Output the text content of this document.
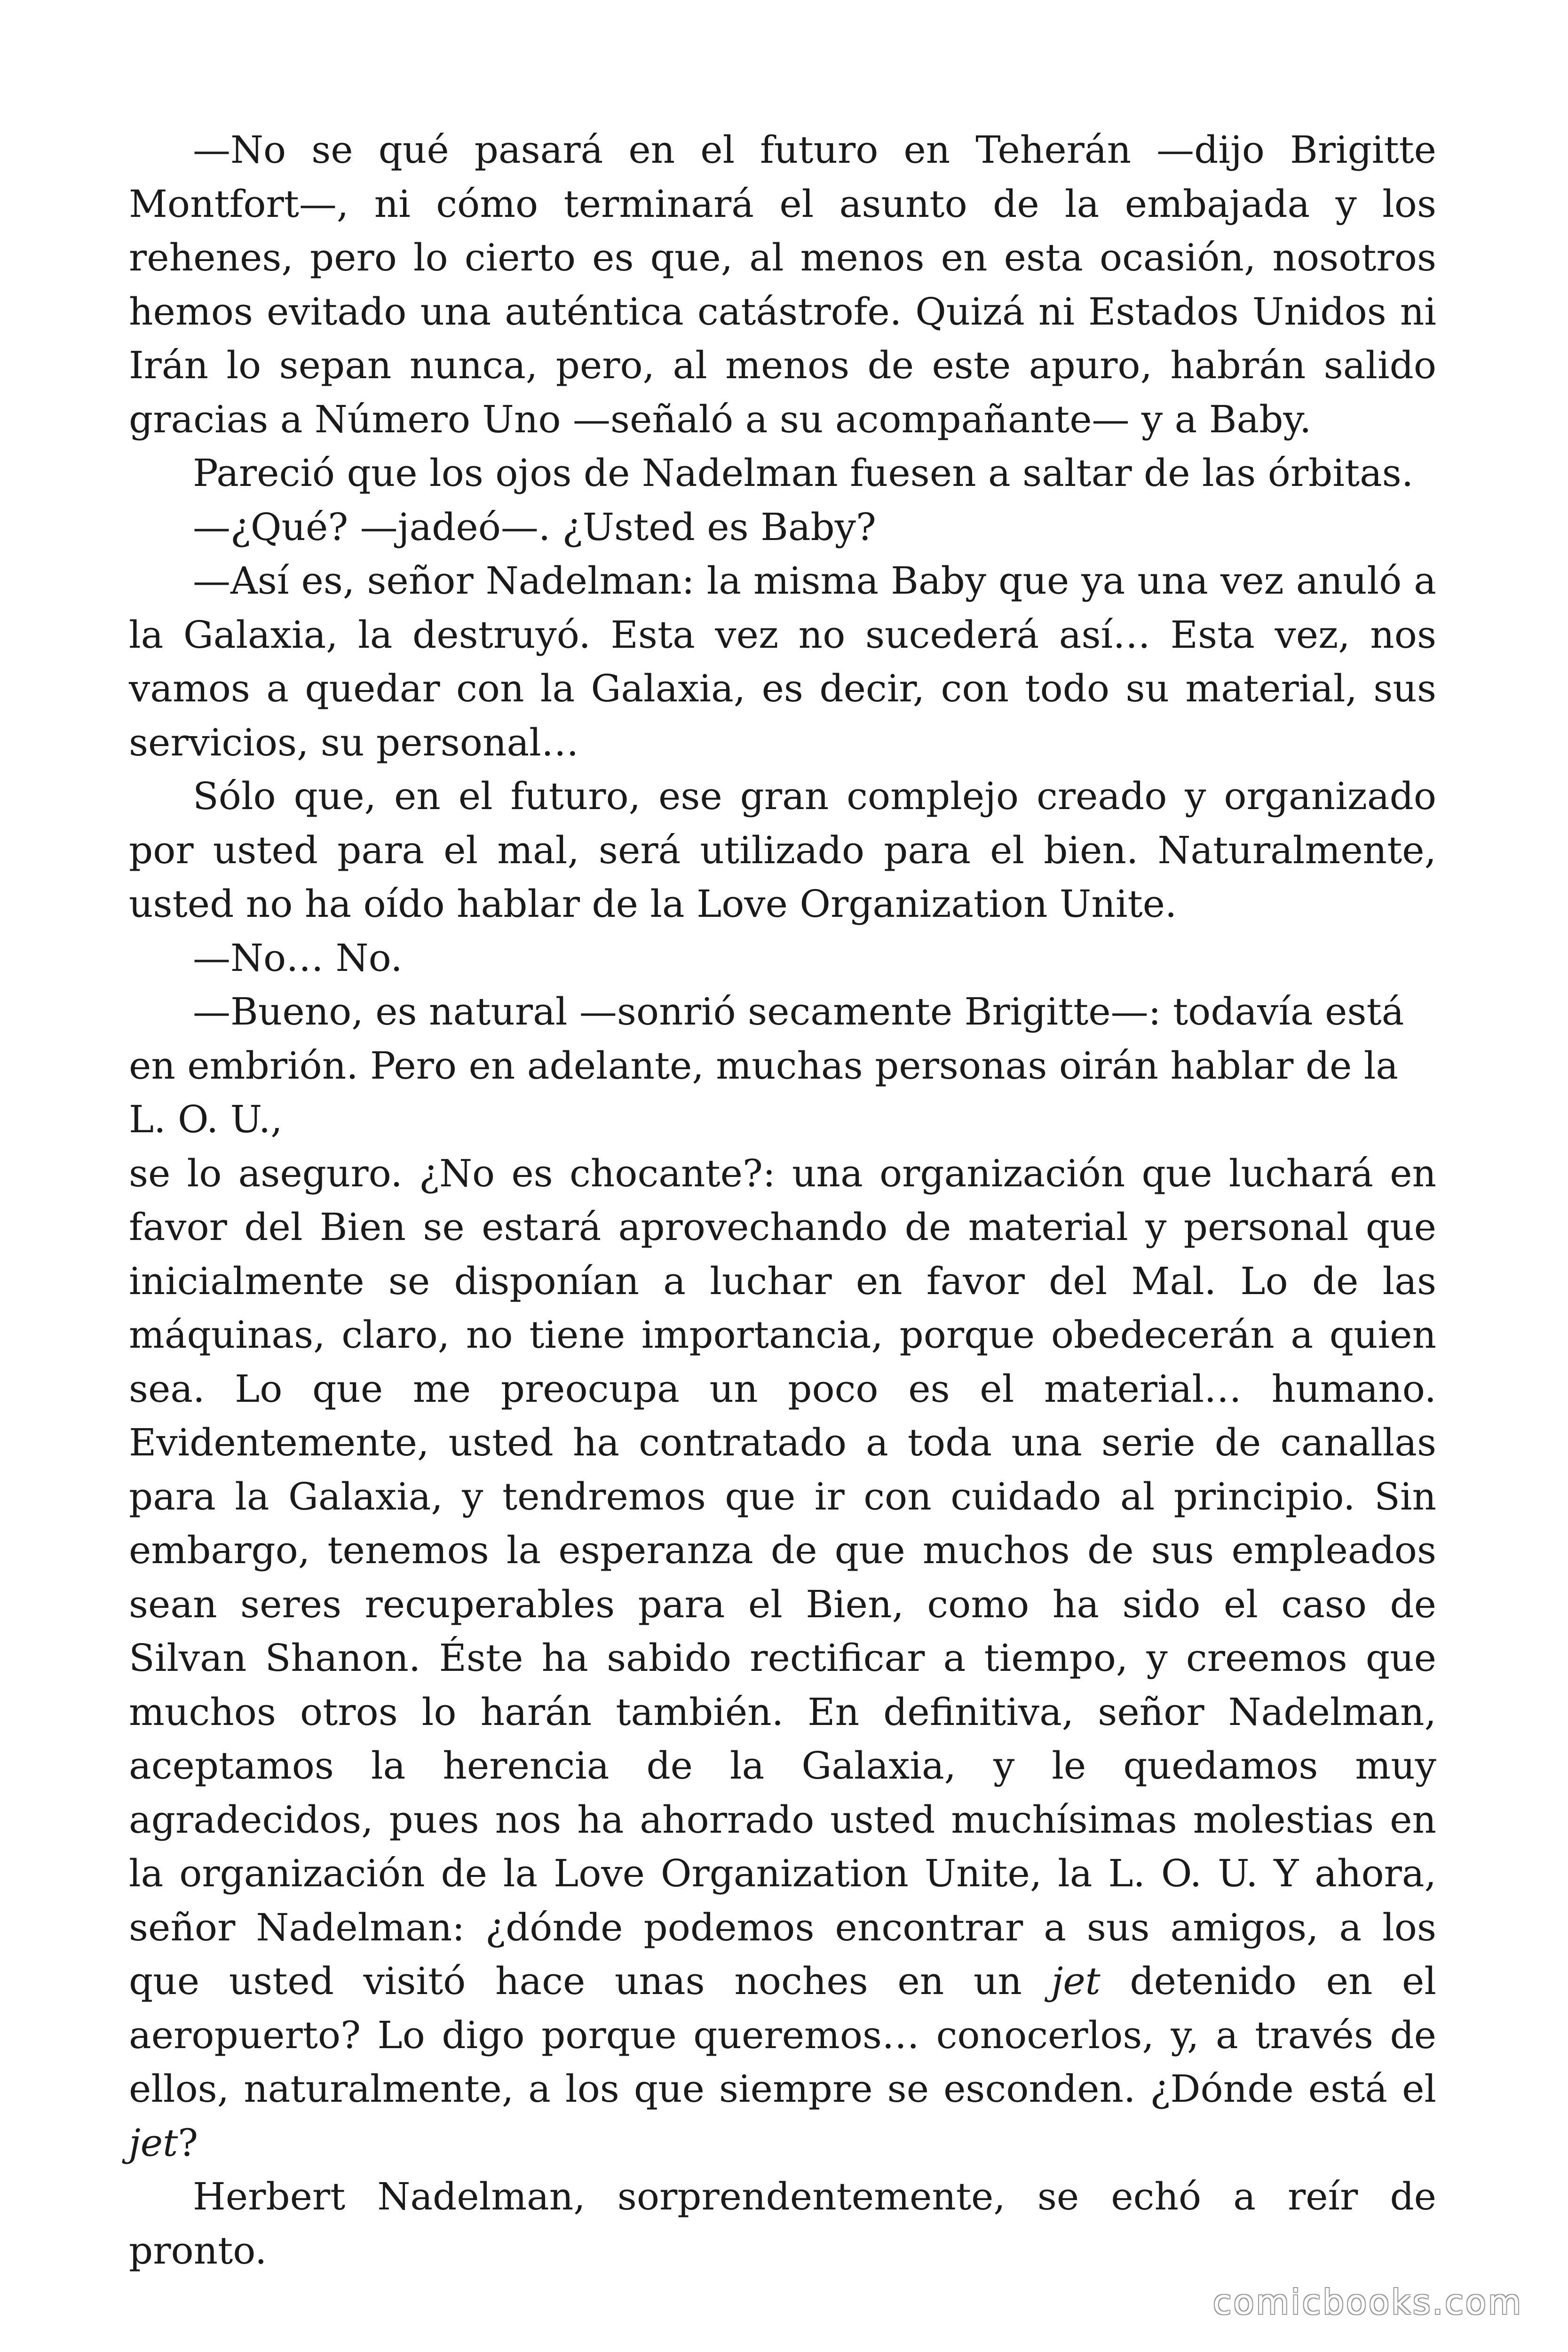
—No se qué pasará en el futuro en Teherán —dijo Brigitte Montfort—, ni cómo terminará el asunto de la embajada y los rehenes, pero lo cierto es que, al menos en esta ocasión, nosotros hemos evitado una auténtica catástrofe. Quizá ni Estados Unidos ni Irán lo sepan nunca, pero, al menos de este apuro, habrán salido gracias a Número Uno —señaló a su acompañante— y a Baby.

Pareció que los ojos de Nadelman fuesen a saltar de las órbitas.

—¿Qué? —jadeó—. ¿Usted es Baby?

—Así es, señor Nadelman: la misma Baby que ya una vez anuló a la Galaxia, la destruyó. Esta vez no sucederá así… Esta vez, nos vamos a quedar con la Galaxia, es decir, con todo su material, sus servicios, su personal…

Sólo que, en el futuro, ese gran complejo creado y organizado por usted para el mal, será utilizado para el bien. Naturalmente, usted no ha oído hablar de la Love Organization Unite.

—No… No.

—Bueno, es natural —sonrió secamente Brigitte—: todavía está en embrión. Pero en adelante, muchas personas oirán hablar de la

L. O. U.,

se lo aseguro. ¿No es chocante?: una organización que luchará en favor del Bien se estará aprovechando de material y personal que inicialmente se disponían a luchar en favor del Mal. Lo de las máquinas, claro, no tiene importancia, porque obedecerán a quien sea. Lo que me preocupa un poco es el material… humano. Evidentemente, usted ha contratado a toda una serie de canallas para la Galaxia, y tendremos que ir con cuidado al principio. Sin embargo, tenemos la esperanza de que muchos de sus empleados sean seres recuperables para el Bien, como ha sido el caso de Silvan Shanon. Éste ha sabido rectificar a tiempo, y creemos que muchos otros lo harán también. En definitiva, señor Nadelman, aceptamos la herencia de la Galaxia, y le quedamos muy agradecidos, pues nos ha ahorrado usted muchísimas molestias en la organización de la Love Organization Unite, la L. O. U. Y ahora, señor Nadelman: ¿dónde podemos encontrar a sus amigos, a los que usted visitó hace unas noches en un jet detenido en el aeropuerto? Lo digo porque queremos… conocerlos, y, a través de ellos, naturalmente, a los que siempre se esconden. ¿Dónde está el jet?

Herbert Nadelman, sorprendentemente, se echó a reír de pronto.

comicbooks.com
